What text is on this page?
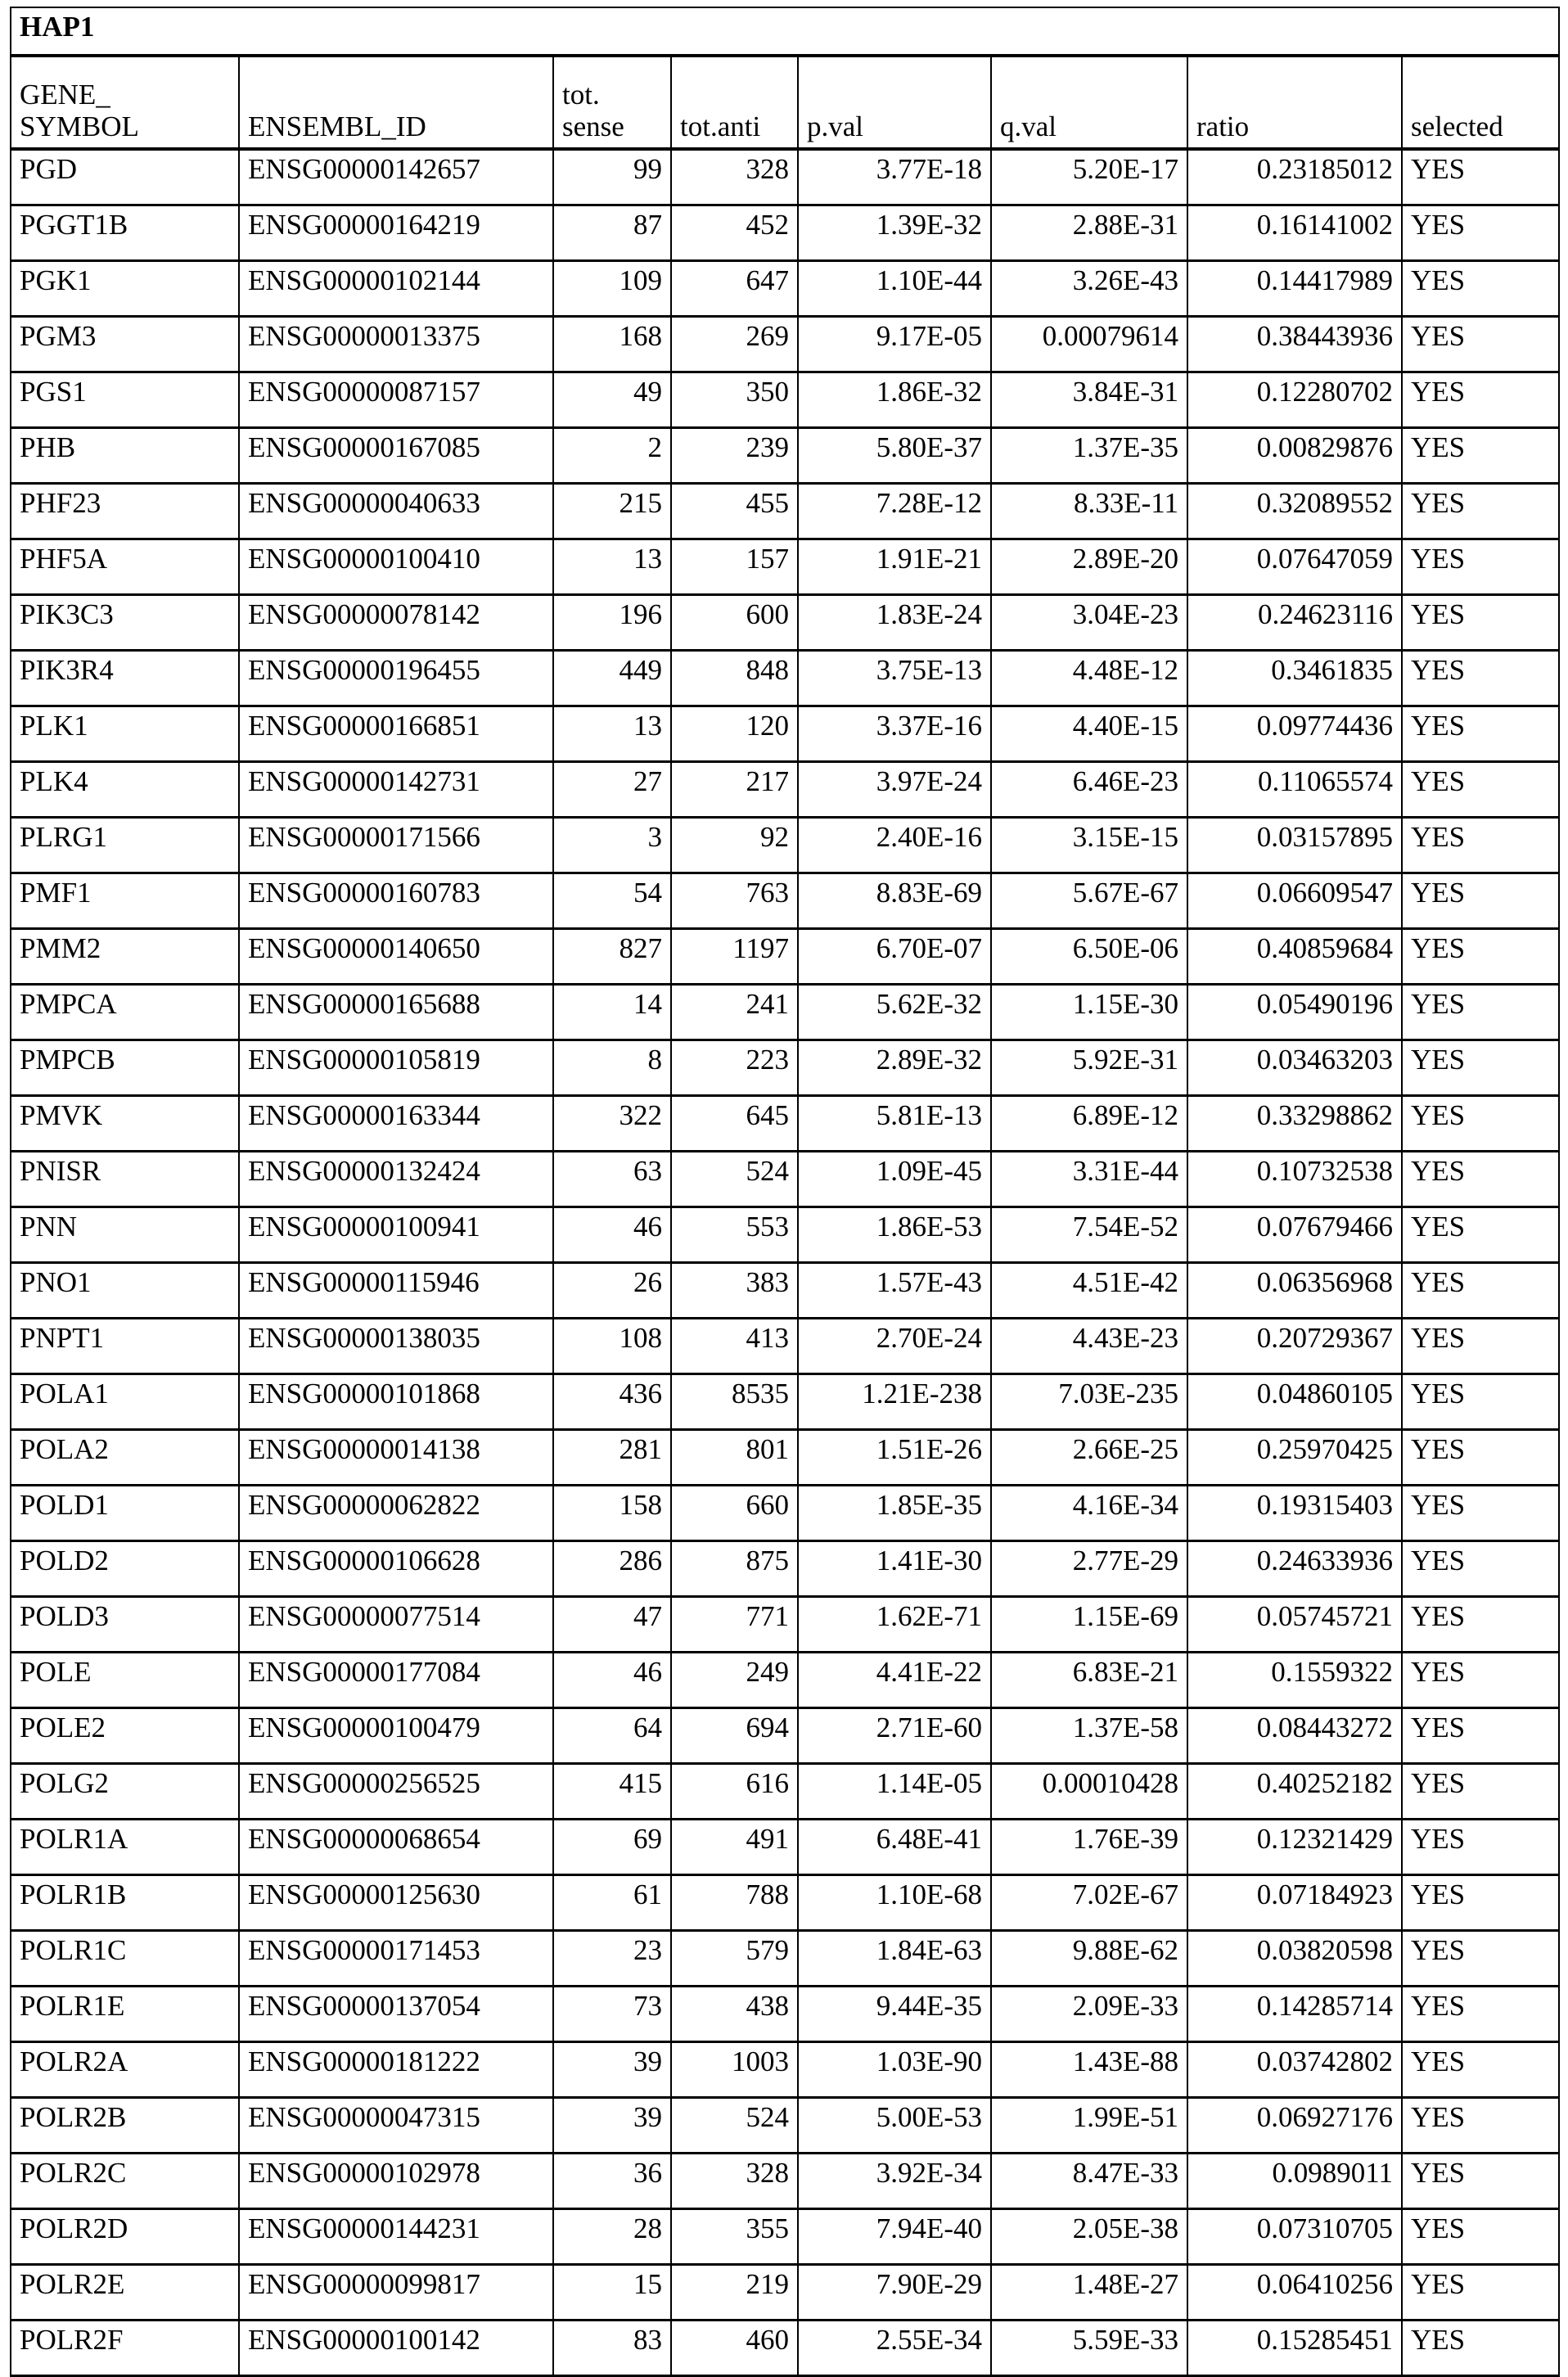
HAP1
GENE_ SYMBOL	ENSEMBL_ID	tot. sense	tot.anti	p.val	q.val	ratio	selected
PGD	ENSG00000142657	99	328	3.77E-18	5.20E-17	0.23185012	YES
PGGT1B	ENSG00000164219	87	452	1.39E-32	2.88E-31	0.16141002	YES
PGK1	ENSG00000102144	109	647	1.10E-44	3.26E-43	0.14417989	YES
PGM3	ENSG00000013375	168	269	9.17E-05	0.00079614	0.38443936	YES
PGS1	ENSG00000087157	49	350	1.86E-32	3.84E-31	0.12280702	YES
PHB	ENSG00000167085	2	239	5.80E-37	1.37E-35	0.00829876	YES
PHF23	ENSG00000040633	215	455	7.28E-12	8.33E-11	0.32089552	YES
PHF5A	ENSG00000100410	13	157	1.91E-21	2.89E-20	0.07647059	YES
PIK3C3	ENSG00000078142	196	600	1.83E-24	3.04E-23	0.24623116	YES
PIK3R4	ENSG00000196455	449	848	3.75E-13	4.48E-12	0.3461835	YES
PLK1	ENSG00000166851	13	120	3.37E-16	4.40E-15	0.09774436	YES
PLK4	ENSG00000142731	27	217	3.97E-24	6.46E-23	0.11065574	YES
PLRG1	ENSG00000171566	3	92	2.40E-16	3.15E-15	0.03157895	YES
PMF1	ENSG00000160783	54	763	8.83E-69	5.67E-67	0.06609547	YES
PMM2	ENSG00000140650	827	1197	6.70E-07	6.50E-06	0.40859684	YES
PMPCA	ENSG00000165688	14	241	5.62E-32	1.15E-30	0.05490196	YES
PMPCB	ENSG00000105819	8	223	2.89E-32	5.92E-31	0.03463203	YES
PMVK	ENSG00000163344	322	645	5.81E-13	6.89E-12	0.33298862	YES
PNISR	ENSG00000132424	63	524	1.09E-45	3.31E-44	0.10732538	YES
PNN	ENSG00000100941	46	553	1.86E-53	7.54E-52	0.07679466	YES
PNO1	ENSG00000115946	26	383	1.57E-43	4.51E-42	0.06356968	YES
PNPT1	ENSG00000138035	108	413	2.70E-24	4.43E-23	0.20729367	YES
POLA1	ENSG00000101868	436	8535	1.21E-238	7.03E-235	0.04860105	YES
POLA2	ENSG00000014138	281	801	1.51E-26	2.66E-25	0.25970425	YES
POLD1	ENSG00000062822	158	660	1.85E-35	4.16E-34	0.19315403	YES
POLD2	ENSG00000106628	286	875	1.41E-30	2.77E-29	0.24633936	YES
POLD3	ENSG00000077514	47	771	1.62E-71	1.15E-69	0.05745721	YES
POLE	ENSG00000177084	46	249	4.41E-22	6.83E-21	0.1559322	YES
POLE2	ENSG00000100479	64	694	2.71E-60	1.37E-58	0.08443272	YES
POLG2	ENSG00000256525	415	616	1.14E-05	0.00010428	0.40252182	YES
POLR1A	ENSG00000068654	69	491	6.48E-41	1.76E-39	0.12321429	YES
POLR1B	ENSG00000125630	61	788	1.10E-68	7.02E-67	0.07184923	YES
POLR1C	ENSG00000171453	23	579	1.84E-63	9.88E-62	0.03820598	YES
POLR1E	ENSG00000137054	73	438	9.44E-35	2.09E-33	0.14285714	YES
POLR2A	ENSG00000181222	39	1003	1.03E-90	1.43E-88	0.03742802	YES
POLR2B	ENSG00000047315	39	524	5.00E-53	1.99E-51	0.06927176	YES
POLR2C	ENSG00000102978	36	328	3.92E-34	8.47E-33	0.0989011	YES
POLR2D	ENSG00000144231	28	355	7.94E-40	2.05E-38	0.07310705	YES
POLR2E	ENSG00000099817	15	219	7.90E-29	1.48E-27	0.06410256	YES
POLR2F	ENSG00000100142	83	460	2.55E-34	5.59E-33	0.15285451	YES
